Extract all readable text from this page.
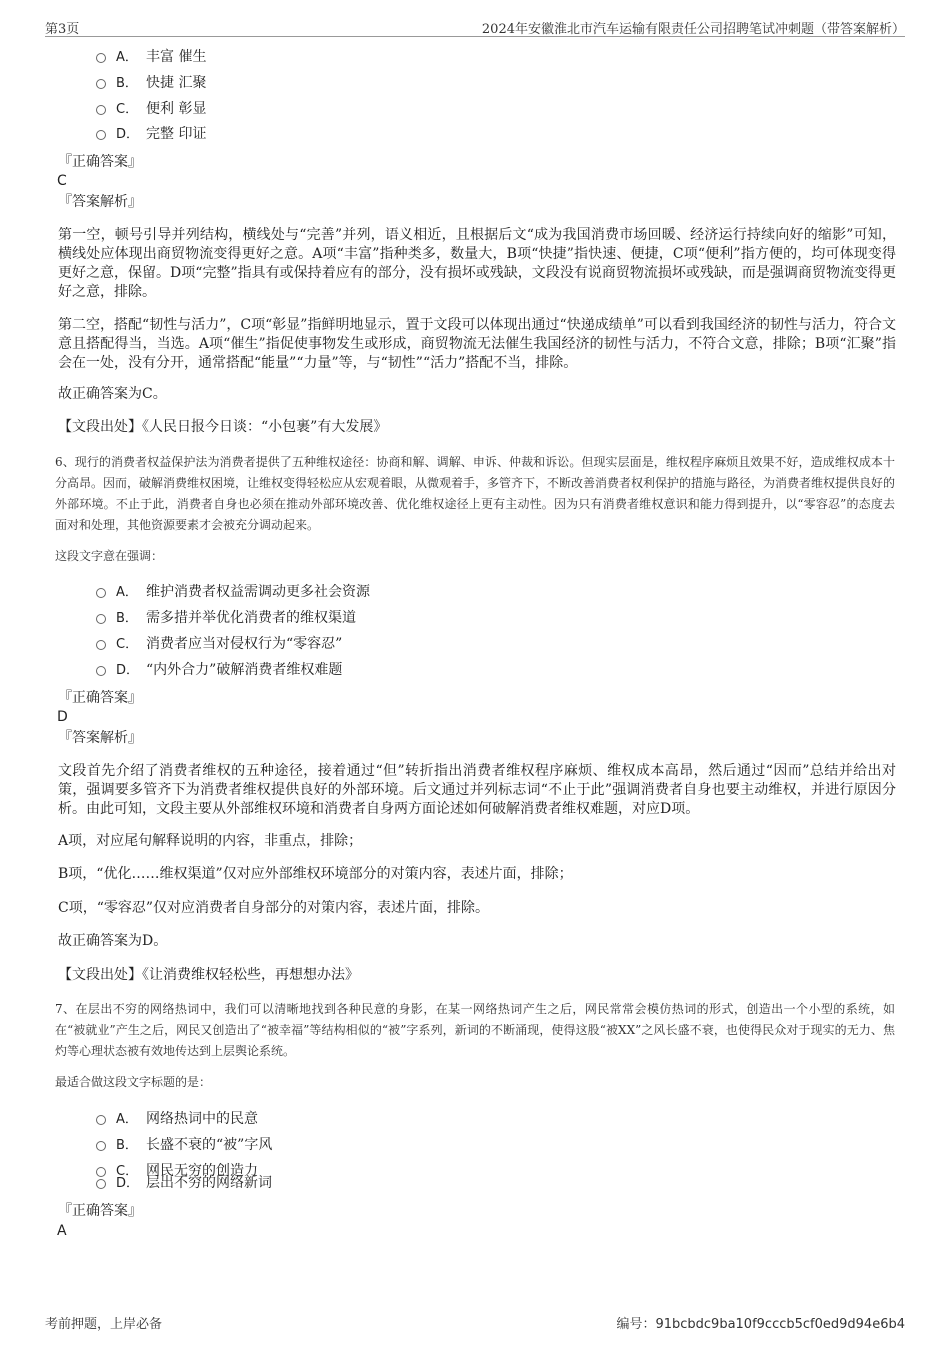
第3页	2024年安徽淮北市汽车运输有限责任公司招聘笔试冲刺题（带答案解析）
A． 丰富 催生
B． 快捷 汇聚
C． 便利 彰显
D． 完整 印证
『正确答案』
C
『答案解析』
第一空，顿号引导并列结构，横线处与“完善”并列，语义相近，且根据后文“成为我国消费市场回暖、经济运行持续向好的缩影”可知，横线处应体现出商贸物流变得更好之意。A项“丰富”指种类多，数量大，B项“快捷”指快速、便捷，C项“便利”指方便的，均可体现变得更好之意，保留。D项“完整”指具有或保持着应有的部分，没有损坏或残缺，文段没有说商贸物流损坏或残缺，而是强调商贸物流变得更好之意，排除。
第二空，搭配“韧性与活力”，C项“彰显”指鲜明地显示，置于文段可以体现出通过“快递成绩单”可以看到我国经济的韧性与活力，符合文意且搭配得当，当选。A项“催生”指促使事物发生或形成，商贸物流无法催生我国经济的韧性与活力，不符合文意，排除；B项“汇聚”指会在一处，没有分开，通常搭配“能量”“力量”等，与“韧性”“活力”搭配不当，排除。
故正确答案为C。
【文段出处】《人民日报今日谈：“小包裹”有大发展》
6、现行的消费者权益保护法为消费者提供了五种维权途径：协商和解、调解、申诉、仲裁和诉讼。但现实层面是，维权程序麻烦且效果不好，造成维权成本十分高昂。因而，破解消费维权困境，让维权变得轻松应从宏观着眼，从微观着手，多管齐下，不断改善消费者权利保护的措施与路径，为消费者维权提供良好的外部环境。不止于此，消费者自身也必须在推动外部环境改善、优化维权途径上更有主动性。因为只有消费者维权意识和能力得到提升，以“零容忍”的态度去面对和处理，其他资源要素才会被充分调动起来。
这段文字意在强调：
A． 维护消费者权益需调动更多社会资源
B． 需多措并举优化消费者的维权渠道
C． 消费者应当对侵权行为“零容忍”
D． “内外合力”破解消费者维权难题
『正确答案』
D
『答案解析』
文段首先介绍了消费者维权的五种途径，接着通过“但”转折指出消费者维权程序麻烦、维权成本高昂，然后通过“因而”总结并给出对策，强调要多管齐下为消费者维权提供良好的外部环境。后文通过并列标志词“不止于此”强调消费者自身也要主动维权，并进行原因分析。由此可知，文段主要从外部维权环境和消费者自身两方面论述如何破解消费者维权难题，对应D项。
A项，对应尾句解释说明的内容，非重点，排除；
B项，“优化……维权渠道”仅对应外部维权环境部分的对策内容，表述片面，排除；
C项，“零容忍”仅对应消费者自身部分的对策内容，表述片面，排除。
故正确答案为D。
【文段出处】《让消费维权轻松些，再想想办法》
7、在层出不穷的网络热词中，我们可以清晰地找到各种民意的身影，在某一网络热词产生之后，网民常常会模仿热词的形式，创造出一个小型的系统，如在“被就业”产生之后，网民又创造出了“被幸福”等结构相似的“被”字系列，新词的不断涌现，使得这股“被XX”之风长盛不衰，也使得民众对于现实的无力、焦灼等心理状态被有效地传达到上层舆论系统。
最适合做这段文字标题的是：
A． 网络热词中的民意
B． 长盛不衰的“被”字风
C． 网民无穷的创造力
D． 层出不穷的网络新词
『正确答案』
A
考前押题，上岸必备	编号：91bcbdc9ba10f9cccb5cf0ed9d94e6b4
